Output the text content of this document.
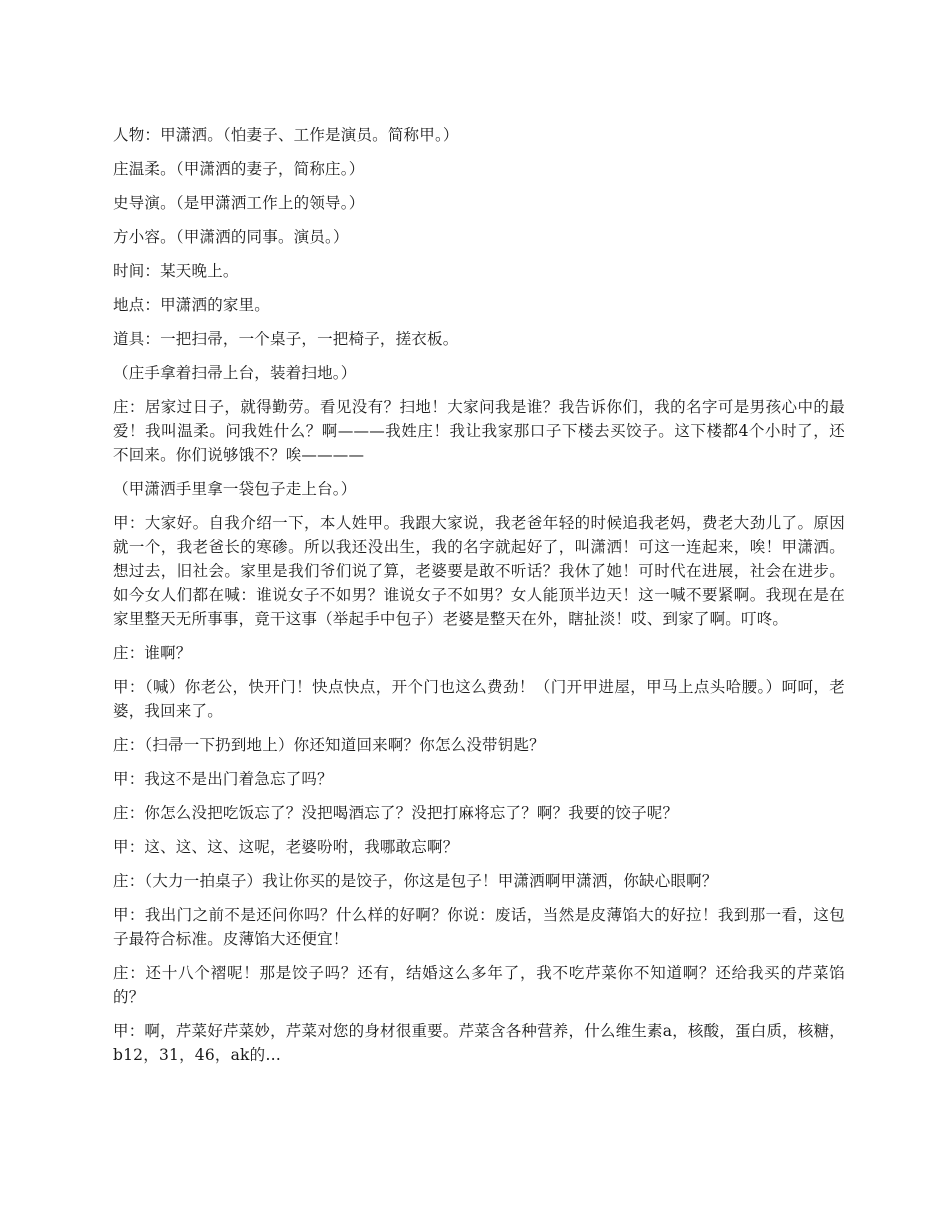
人物：甲潇洒。（怕妻子、工作是演员。简称甲。）

庄温柔。（甲潇洒的妻子，简称庄。）

史导演。（是甲潇洒工作上的领导。）

方小容。（甲潇洒的同事。演员。）

时间：某天晚上。

地点：甲潇洒的家里。

道具：一把扫帚，一个桌子，一把椅子，搓衣板。

（庄手拿着扫帚上台，装着扫地。）

庄：居家过日子，就得勤劳。看见没有？扫地！大家问我是谁？我告诉你们，我的名字可是男孩心中的最爱！我叫温柔。问我姓什么？啊———我姓庄！我让我家那口子下楼去买饺子。这下楼都4个小时了，还不回来。你们说够饿不？唉————

（甲潇洒手里拿一袋包子走上台。）

甲：大家好。自我介绍一下，本人姓甲。我跟大家说，我老爸年轻的时候追我老妈，费老大劲儿了。原因就一个，我老爸长的寒碜。所以我还没出生，我的名字就起好了，叫潇洒！可这一连起来，唉！甲潇洒。想过去，旧社会。家里是我们爷们说了算，老婆要是敢不听话？我休了她！可时代在进展，社会在进步。如今女人们都在喊：谁说女子不如男？谁说女子不如男？女人能顶半边天！这一喊不要紧啊。我现在是在家里整天无所事事，竟干这事（举起手中包子）老婆是整天在外，瞎扯淡！哎、到家了啊。叮咚。

庄：谁啊？

甲：（喊）你老公，快开门！快点快点，开个门也这么费劲！（门开甲进屋，甲马上点头哈腰。）呵呵，老婆，我回来了。

庄：（扫帚一下扔到地上）你还知道回来啊？你怎么没带钥匙？

甲：我这不是出门着急忘了吗？

庄：你怎么没把吃饭忘了？没把喝酒忘了？没把打麻将忘了？啊？我要的饺子呢？

甲：这、这、这、这呢，老婆吩咐，我哪敢忘啊？

庄：（大力一拍桌子）我让你买的是饺子，你这是包子！甲潇洒啊甲潇洒，你缺心眼啊？

甲：我出门之前不是还问你吗？什么样的好啊？你说：废话，当然是皮薄馅大的好拉！我到那一看，这包子最符合标准。皮薄馅大还便宜！

庄：还十八个褶呢！那是饺子吗？还有，结婚这么多年了，我不吃芹菜你不知道啊？还给我买的芹菜馅的？

甲：啊，芹菜好芹菜妙，芹菜对您的身材很重要。芹菜含各种营养，什么维生素a，核酸，蛋白质，核糖，b12，31，46，ak的…
